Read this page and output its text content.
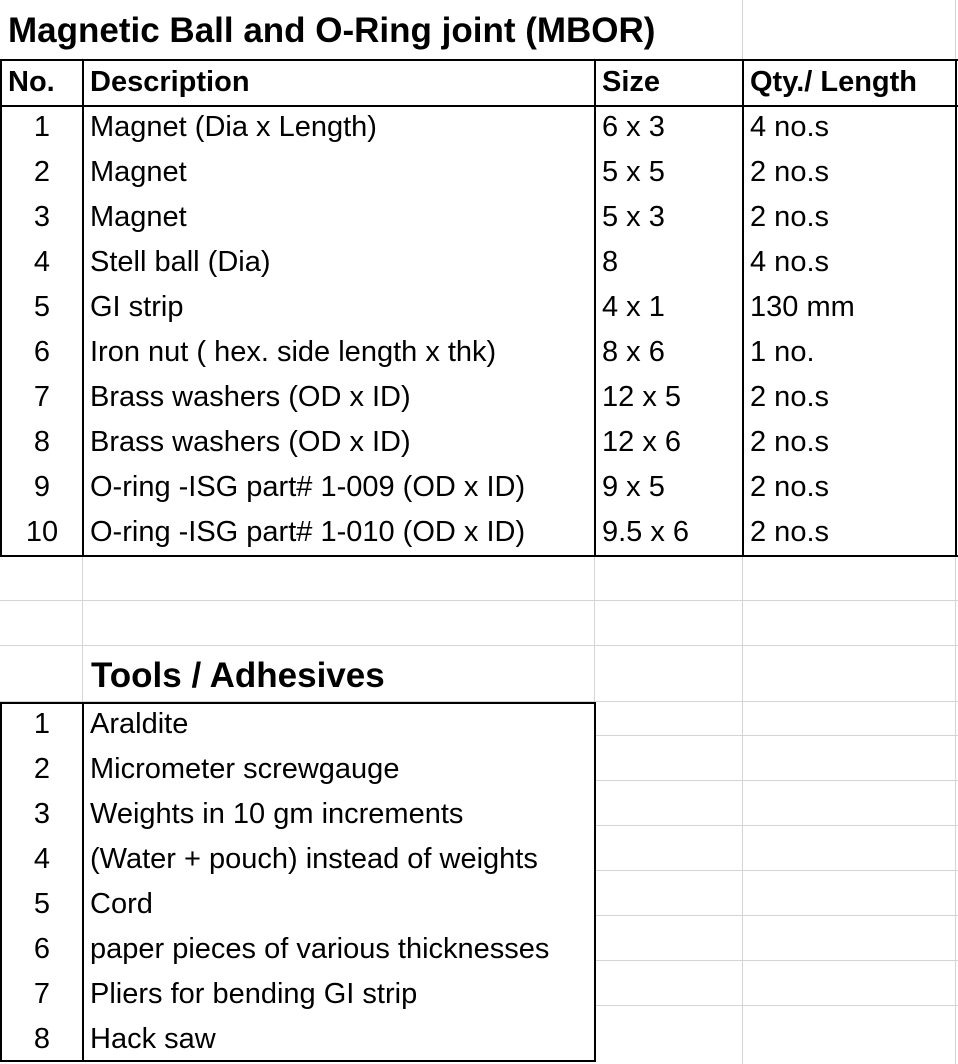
Magnetic Ball and O-Ring joint (MBOR)
No.	Description	Size	Qty./ Length
1	Magnet (Dia x Length)	6 x 3	4 no.s
2	Magnet	5 x 5	2 no.s
3	Magnet	5 x 3	2 no.s
4	Stell ball (Dia)	8	4 no.s
5	GI strip	4 x 1	130 mm
6	Iron nut ( hex. side length x thk)	8 x 6	1 no.
7	Brass washers (OD x ID)	12 x 5	2 no.s
8	Brass washers (OD x ID)	12 x 6	2 no.s
9	O-ring -ISG part# 1-009 (OD x ID)	9 x 5	2 no.s
10	O-ring -ISG part# 1-010 (OD x ID)	9.5 x 6	2 no.s
Tools / Adhesives
1	Araldite
2	Micrometer screwgauge
3	Weights in 10 gm increments
4	(Water + pouch) instead of weights
5	Cord
6	paper pieces of various thicknesses
7	Pliers for bending GI strip
8	Hack saw
